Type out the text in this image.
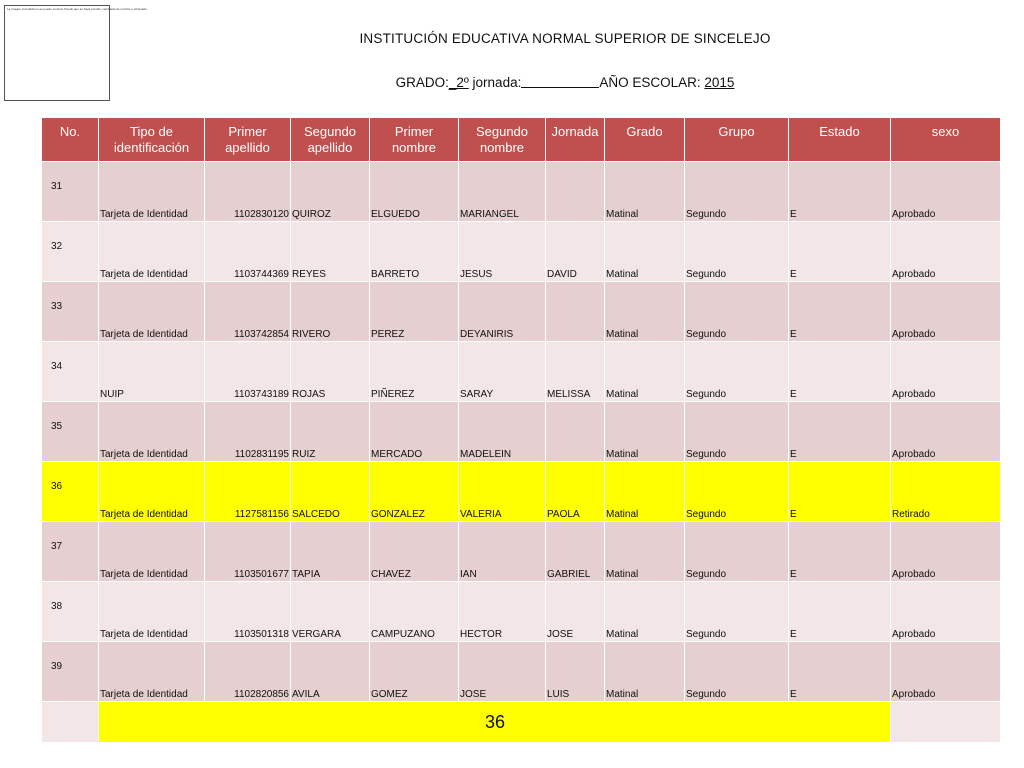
La imagen vinculada no se puede mostrar. Puede que se haya movido, cambiado de nombre o eliminado.
INSTITUCIÓN EDUCATIVA NORMAL SUPERIOR DE SINCELEJO
GRADO:_2º jornada:	AÑO ESCOLAR: 2015
No.	Tipo de identificación	Primer apellido	Segundo apellido	Primer nombre	Segundo nombre	Jornada	Grado	Grupo	Estado	sexo	
31	Tarjeta de Identidad	1102830120	QUIROZ	ELGUEDO	MARIANGEL		Matinal	Segundo	E	Aprobado	
32	Tarjeta de Identidad	1103744369	REYES	BARRETO	JESUS	DAVID	Matinal	Segundo	E	Aprobado	
33	Tarjeta de Identidad	1103742854	RIVERO	PEREZ	DEYANIRIS		Matinal	Segundo	E	Aprobado	
34	NUIP	1103743189	ROJAS	PIÑEREZ	SARAY	MELISSA	Matinal	Segundo	E	Aprobado	
35	Tarjeta de Identidad	1102831195	RUIZ	MERCADO	MADELEIN		Matinal	Segundo	E	Aprobado	
36	Tarjeta de Identidad	1127581156	SALCEDO	GONZALEZ	VALERIA	PAOLA	Matinal	Segundo	E	Retirado	
37	Tarjeta de Identidad	1103501677	TAPIA	CHAVEZ	IAN	GABRIEL	Matinal	Segundo	E	Aprobado	
38	Tarjeta de Identidad	1103501318	VERGARA	CAMPUZANO	HECTOR	JOSE	Matinal	Segundo	E	Aprobado	
39	Tarjeta de Identidad	1102820856	AVILA	GOMEZ	JOSE	LUIS	Matinal	Segundo	E	Aprobado	
	36										
